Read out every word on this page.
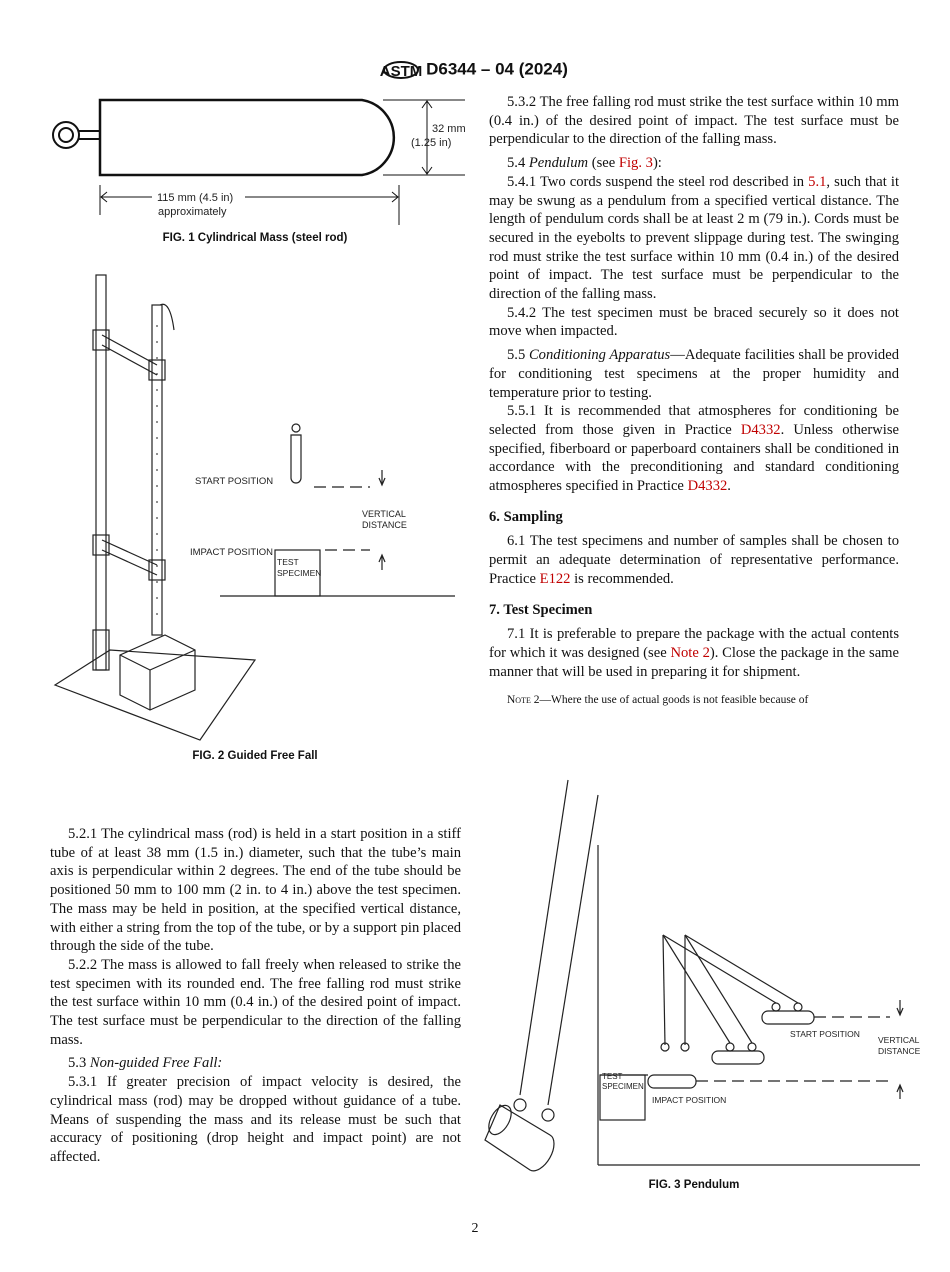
ASTM D6344 – 04 (2024)
32 mm
(1.25 in)
115 mm (4.5 in)
approximately
FIG. 1 Cylindrical Mass (steel rod)
START POSITION
IMPACT POSITION
VERTICAL
DISTANCE
TEST
SPECIMEN
FIG. 2 Guided Free Fall
START POSITION
VERTICAL
DISTANCE
TEST
SPECIMEN
IMPACT POSITION
FIG. 3 Pendulum

5.3.2 The free falling rod must strike the test surface within 10 mm (0.4 in.) of the desired point of impact. The test surface must be perpendicular to the direction of the falling mass.

5.4 Pendulum (see Fig. 3):

5.4.1 Two cords suspend the steel rod described in 5.1, such that it may be swung as a pendulum from a specified vertical distance. The length of pendulum cords shall be at least 2 m (79 in.). Cords must be secured in the eyebolts to prevent slippage during test. The swinging rod must strike the test surface within 10 mm (0.4 in.) of the desired point of impact. The test surface must be perpendicular to the direction of the falling mass.

5.4.2 The test specimen must be braced securely so it does not move when impacted.

5.5 Conditioning Apparatus—Adequate facilities shall be provided for conditioning test specimens at the proper humidity and temperature prior to testing.

5.5.1 It is recommended that atmospheres for conditioning be selected from those given in Practice D4332. Unless otherwise specified, fiberboard or paperboard containers shall be conditioned in accordance with the preconditioning and standard conditioning atmospheres specified in Practice D4332.

6. Sampling

6.1 The test specimens and number of samples shall be chosen to permit an adequate determination of representative performance. Practice E122 is recommended.

7. Test Specimen

7.1 It is preferable to prepare the package with the actual contents for which it was designed (see Note 2). Close the package in the same manner that will be used in preparing it for shipment.

Note 2—Where the use of actual goods is not feasible because of

5.2.1 The cylindrical mass (rod) is held in a start position in a stiff tube of at least 38 mm (1.5 in.) diameter, such that the tube’s main axis is perpendicular within 2 degrees. The end of the tube should be positioned 50 mm to 100 mm (2 in. to 4 in.) above the test specimen. The mass may be held in position, at the specified vertical distance, with either a string from the top of the tube, or by a support pin placed through the side of the tube.

5.2.2 The mass is allowed to fall freely when released to strike the test specimen with its rounded end. The free falling rod must strike the test surface within 10 mm (0.4 in.) of the desired point of impact. The test surface must be perpendicular to the direction of the falling mass.

5.3 Non-guided Free Fall:

5.3.1 If greater precision of impact velocity is desired, the cylindrical mass (rod) may be dropped without guidance of a tube. Means of suspending the mass and its release must be such that accuracy of positioning (drop height and impact point) are not affected.

2
